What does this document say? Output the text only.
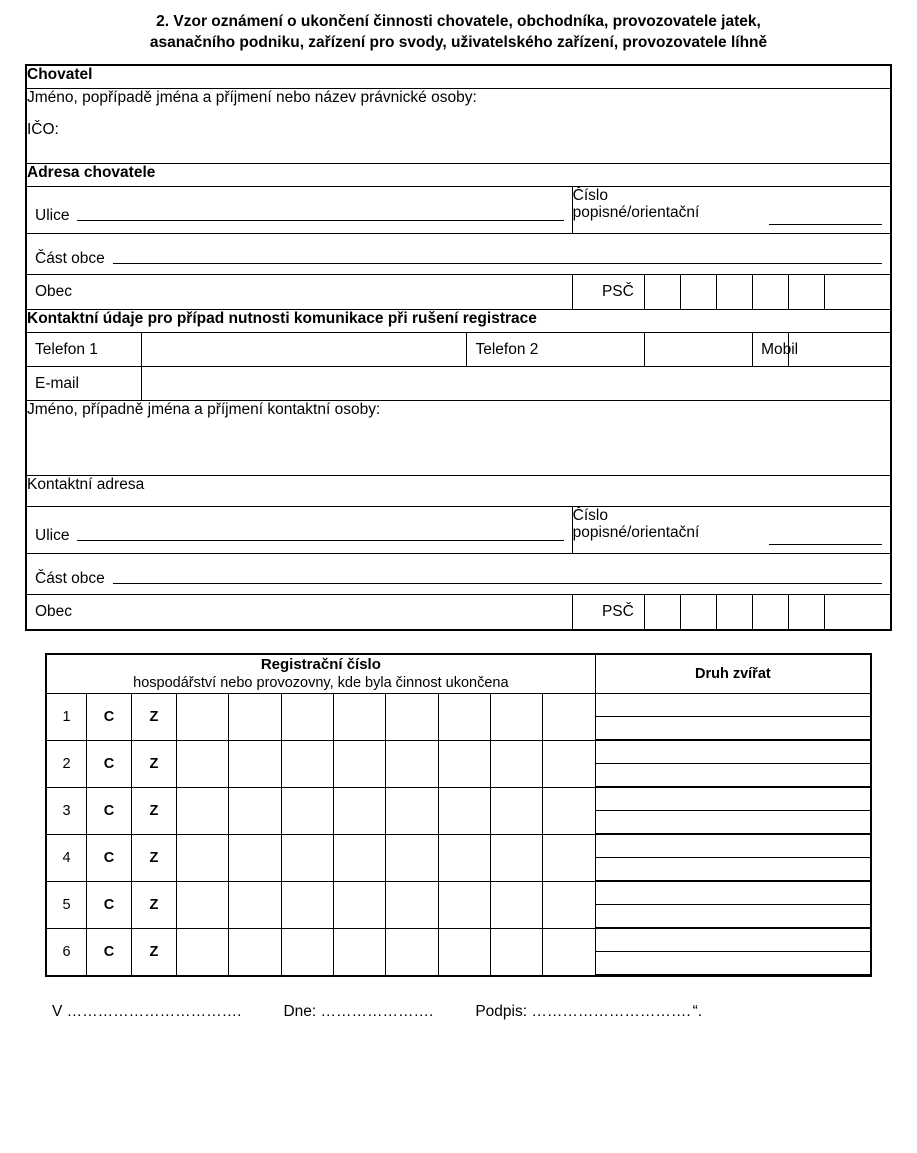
2. Vzor oznámení o ukončení činnosti chovatele, obchodníka, provozovatele jatek,
asanačního podniku, zařízení pro svody, uživatelského zařízení, provozovatele líhně
Chovatel									

Jméno, popřípadě jména a příjmení nebo název právnické osoby:
IČO:									

Adresa chovatele									

Ulice			Číslo
popisné/orientační						

Část obce									

Obec			PSČ						

Kontaktní údaje pro případ nutnosti komunikace při rušení registrace									

Telefon 1		Telefon 2					Mobil		

E-mail									

Jméno, případně jména a příjmení kontaktní osoby:									

Kontaktní adresa									

Ulice			Číslo
popisné/orientační						

Část obce									

Obec			PSČ						

Registrační číslo
hospodářství nebo provozovny, kde byla činnost ukončena											Druh zvířat
1	C	Z									

2	C	Z									

3	C	Z									

4	C	Z									

5	C	Z									

6	C	Z									
V …………………………….	Dne: ………………….	Podpis: …………………………. “.
